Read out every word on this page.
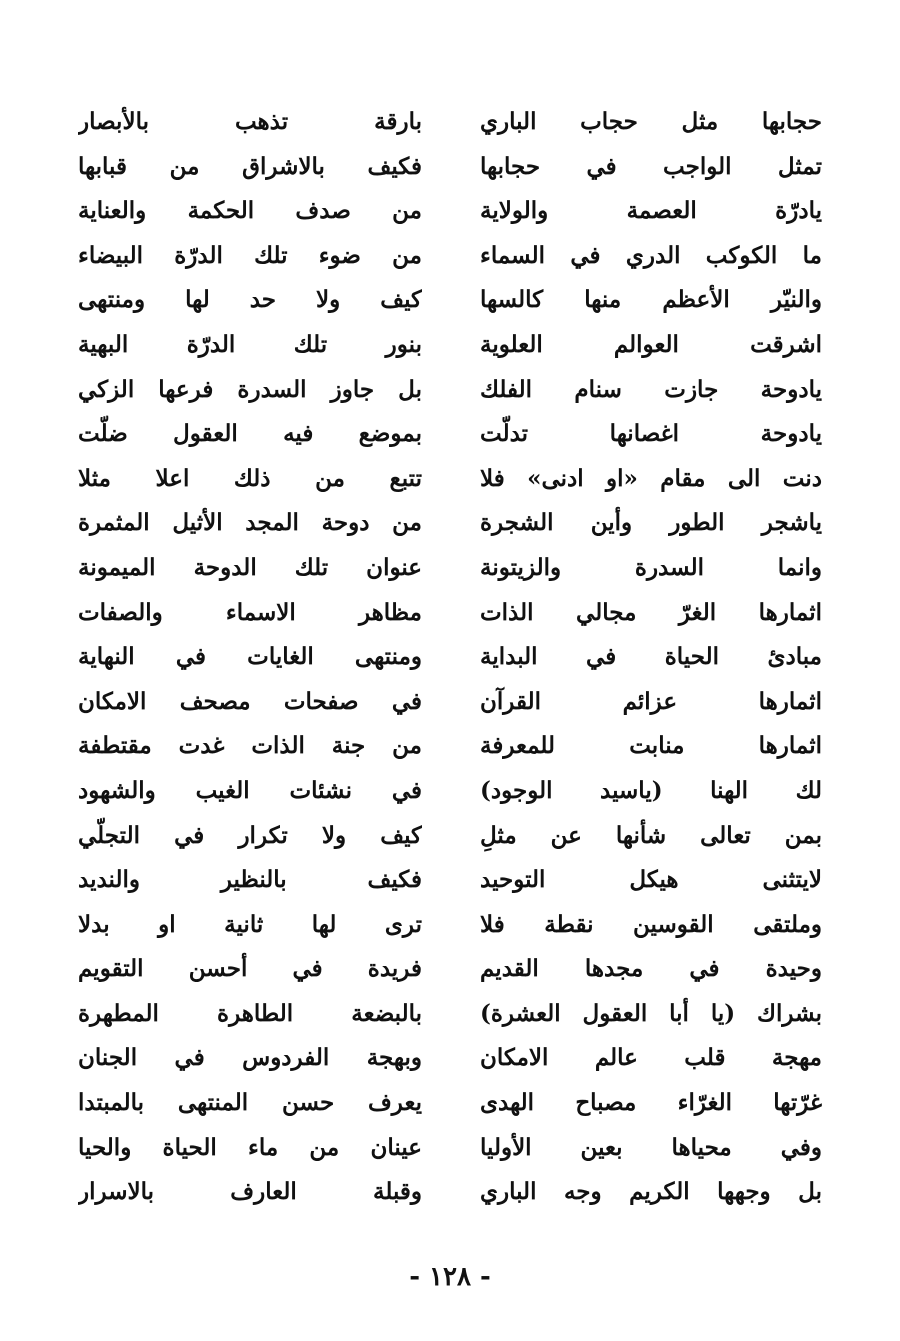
حجابها مثل حجاب الباري
تمثل الواجب في حجابها
يادرّة العصمة والولاية
ما الكوكب الدري في السماء
والنيّر الأعظم منها كالسها
اشرقت العوالم العلوية
يادوحة جازت سنام الفلك
يادوحة اغصانها تدلّت
دنت الى مقام «او ادنى» فلا
ياشجر الطور وأين الشجرة
وانما السدرة والزيتونة
اثمارها الغرّ مجالي الذات
مبادئ الحياة في البداية
اثمارها عزائم القرآن
اثمارها منابت للمعرفة
لك الهنا (ياسيد الوجود)
بمن تعالى شأنها عن مثلِ
لايتثنى هيكل التوحيد
وملتقى القوسين نقطة فلا
وحيدة في مجدها القديم
بشراك (يا أبا العقول العشرة)
مهجة قلب عالم الامكان
غرّتها الغرّاء مصباح الهدى
وفي محياها بعين الأوليا
بل وجهها الكريم وجه الباري
بارقة تذهب بالأبصار
فكيف بالاشراق من قبابها
من صدف الحكمة والعناية
من ضوء تلك الدرّة البيضاء
كيف ولا حد لها ومنتهى
بنور تلك الدرّة البهية
بل جاوز السدرة فرعها الزكي
بموضع فيه العقول ضلّت
تتبع من ذلك اعلا مثلا
من دوحة المجد الأثيل المثمرة
عنوان تلك الدوحة الميمونة
مظاهر الاسماء والصفات
ومنتهى الغايات في النهاية
في صفحات مصحف الامكان
من جنة الذات غدت مقتطفة
في نشئات الغيب والشهود
كيف ولا تكرار في التجلّي
فكيف بالنظير والنديد
ترى لها ثانية او بدلا
فريدة في أحسن التقويم
بالبضعة الطاهرة المطهرة
وبهجة الفردوس في الجنان
يعرف حسن المنتهى بالمبتدا
عينان من ماء الحياة والحيا
وقبلة العارف بالاسرار
- ١٢٨ -
